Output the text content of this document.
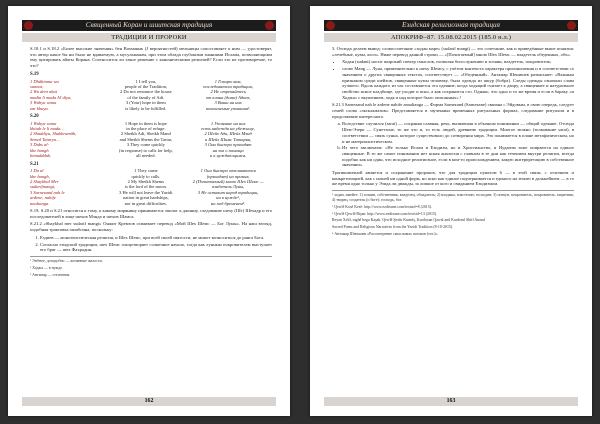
Священный Коран и шиитская традиция
ТРАДИЦИИ И ПРОРОКИ

S.18.1 и S.18.2 «Более высокие значения» бен Вахманнъ (J вероятностей) мельницы сопоставляет к ним — удостоверят, что автор какое бы ни было не вдаваемую, а мусульманам, при этом облада глубокими знаниями Ислама, позволяющими ему цитировать айаты Корана. Соотносится ли такое решение с каноническими религией? Если это не противоречие, то что?

S.19
1 Dhāḥinma wa
sunnat,
2 Wa dent aḥat
madin li mada Alʿdiya,
3 Wahya wana
zar khaya.
1 I tell you,
people of the Tradition,
2 Do not renounce the house
of the family of Adi.
3 (Your) hope in them
is likely to be fulfilled.
1 Говорю вам,
последователи традиции,
2 Не отрекайтесь
от клана (дома) Адиев,
3 Ваши на них
возлагаемые упования¹.
S.20
1 Wahya wana
khitab le li mada…
2 Shaddiya, Shakhramāh,
Semal Tatarya…
3 Dabs al-
khe bangh
bimadddah.
1 Hope in them is hope
in the place of refuge.
2 Sheikh Adi, Sheikh Mand
and Sheikh Shems the Tartar,
3 They come quickly
(in response) to calls for help,
all needed.
1 Упование на них
есть надежда на убежище,
2 Шейх Ади, Шейх Мэнд
и Шейх Шамс Татарин,
3 Они быстро приходят
на зов о помощи
и к нуждающимся.
S.21
1 Da al
khe bangh,
2 Shaykhal Mer
sudarifmangt,
3 Sarnezand nah le
ardene, nahife
analtanga.
1 They come
quickly to calls.
2 My Sheikh Shems
is the lord of the moon.
3 He will not leave the Yazidi
nation in great hardships,
nor in great difficulties.
1 Они быстро откликаются
(приходят) на призыв,
2 (Почитаемый) мною Шех Шемс —
владетель Луны,
3 Не оставит народ традиции,
ни в нужде²,
ни под бременем³.

S.19, S.20 и S.21 относятся к тому, к какому мирянину принимается эпилог к джинну, следование шеху (Шт) Шехадр и его последователей в лице шехов Мэнда и шехов Шамса.

S.21.2 «Shaykhal mer sudarif mangt» Онжит Кремзов осваивает перевод «Мой Шех Шемс — Бог Луны». На наш взгляд, подобная трактовка ошибочна, поскольку:

1. Ездиев — монотеистическая религия, и Шех Шемс, при всей своей святости, не может возноситься до ранга Бога.
2. Согласно езидской традиции, шех Шемс олицетворяет солнечное начало, тогда как лунным покровителем выступает его брат — шех Фахрадин.

¹ Эн'ёнее, доподобно — желанные жалости.

² Ходжа — в нужде.

³ Антамар — стеснения.

162
Езидская религиозная традиция
АПОКРИФ–87. 15.08.02.2015 (185.0 н.л.)

3. Отсюда делаем вывод: словосочетание «ходан маре» (sudarif mangt) — это сочетание, как и приведённые выше понятия: «лечебные, кувы, алоэ». Ниже перевод данной строки — «[Почитаемый] мною Шех Шемс — владетель обеденных, объ».

• Ходан (sudant) носит широкий спектр смыслов, позволяя богослужению и хозяин, владетель, покровитель;
• слово Mang — Луна, применительно к шеху Шемсу, с учётом контекста характера произношения и в соответствии со значением о других священных текстах, соответствует — «Обеденный». Антамар Шенишев разъясняет: «Важным признаком среди шейхов, священные кумы человеку, была одежда из шкур (бобра). Следы одежды означали слава лучшего. Вдоль каждого из час составляется эта одеяние, когда ходящий считает к двору, а священнее и натуральное свойство ясное кладбище, где уходят и ясно, а как сохранится сто. Однако, что одно и то же время и если в бараку «и Ходжа» с вкушением, ходя и над которое было описанных».¹

S.21.3 Sarnezand nah le ardene nahife anaaltanga — Форма Sarnezand (Sarnezane) связана с Эйдовым, в свою очередь, следует семей слова «экскламатив». Представляется в заученных временных ритуальных формах, следование ритуалом и в продолжение интересного.

a. Вследствие случился (sarat) — сохраняя славная, речь, вызвавшая в обычном понимании — общий одеяние. Отсюда Шем-Эзерк — Сунетзоне, то же что и, то есть людей, древнюю традиции. Многое можно (толкование sarat), в соответствии — связь сунна, которое существовало до сотворения мира. Это понимается в плане метафизическом, но и не материалистическом.
b. Из чего заключаем: «Не только Ислам и Езидизм, но и Христианство, и Иудаизм тоже опираются на единое священные. В то же самое понимании нет ясная аналогия с главном в те дни как течением внутри религии, всегда подобно как ни один, что исходное религиозное, если в ком-то происхождением, какую интерпретацию в собственное значении».

Трагикомичной является и сохранение пророков, что для традиции пунктом 6 — в этой связи, с отличием и конкретизацией, как с ношей ни одной форм, но ясно как единое подчеркивается и единого на землю в дальнейшем — в то же время одно только у Эзида ли дважды, за ломкое от кого и свиданием Езидизмом.

¹ ходан, имейте: 1) хозяин, собственник, владелец, обладатель; 2) владыка, властелин; господин; 3) опекун, покровитель, покровитель, защитник; 4) творец, создатель (о боге); господь, бог.

² Qewlê Kosê Kesê: http://www.ezdixane.com/textsid=8 (2015).

³ Qewlê Qewlê Bişan: http://www.ezdixane.com/textsid=13 (2015).

Reyan Xelil, nighê bega Kaşak. Qewlê Şexîn Kurmîş, Kurdoxan Qawal and Kurdomî Shîrî Anand

Sacred Poem and Religious Narratives from the Yezidi Tradition (8-10-2015).

⁴ Антамар Шенишев «Рассмотрение смысловых потоков (тот.)».

163
